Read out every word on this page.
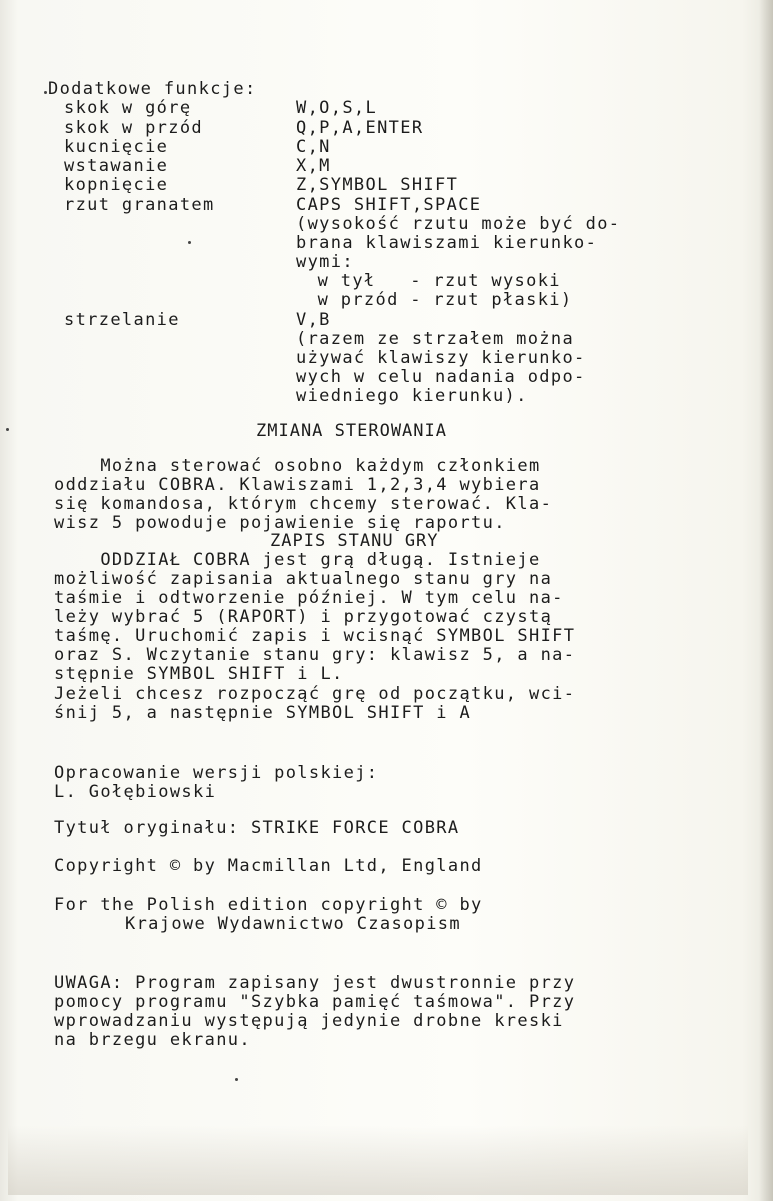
Dodatkowe funkcje:
skok w górę	W,O,S,L
skok w przód	Q,P,A,ENTER
kucnięcie	C,N
wstawanie	X,M
kopnięcie	Z,SYMBOL SHIFT
rzut granatem	CAPS SHIFT,SPACE
(wysokość rzutu może być do-
brana klawiszami kierunko-
wymi:
w tył   - rzut wysoki
w przód - rzut płaski)
strzelanie	V,B
(razem ze strzałem można
używać klawiszy kierunko-
wych w celu nadania odpo-
wiedniego kierunku).
ZMIANA STEROWANIA
Można sterować osobno każdym członkiem
oddziału COBRA. Klawiszami 1,2,3,4 wybiera
się komandosa, którym chcemy sterować. Kla-
wisz 5 powoduje pojawienie się raportu.
ZAPIS STANU GRY
ODDZIAŁ COBRA jest grą długą. Istnieje
możliwość zapisania aktualnego stanu gry na
taśmie i odtworzenie później. W tym celu na-
leży wybrać 5 (RAPORT) i przygotować czystą
taśmę. Uruchomić zapis i wcisnąć SYMBOL SHIFT
oraz S. Wczytanie stanu gry: klawisz 5, a na-
stępnie SYMBOL SHIFT i L.
Jeżeli chcesz rozpocząć grę od początku, wci-
śnij 5, a następnie SYMBOL SHIFT i A
Opracowanie wersji polskiej:
L. Gołębiowski
Tytuł oryginału: STRIKE FORCE COBRA
Copyright © by Macmillan Ltd, England
For the Polish edition copyright © by
Krajowe Wydawnictwo Czasopism
UWAGA: Program zapisany jest dwustronnie przy
pomocy programu "Szybka pamięć taśmowa". Przy
wprowadzaniu występują jedynie drobne kreski
na brzegu ekranu.
